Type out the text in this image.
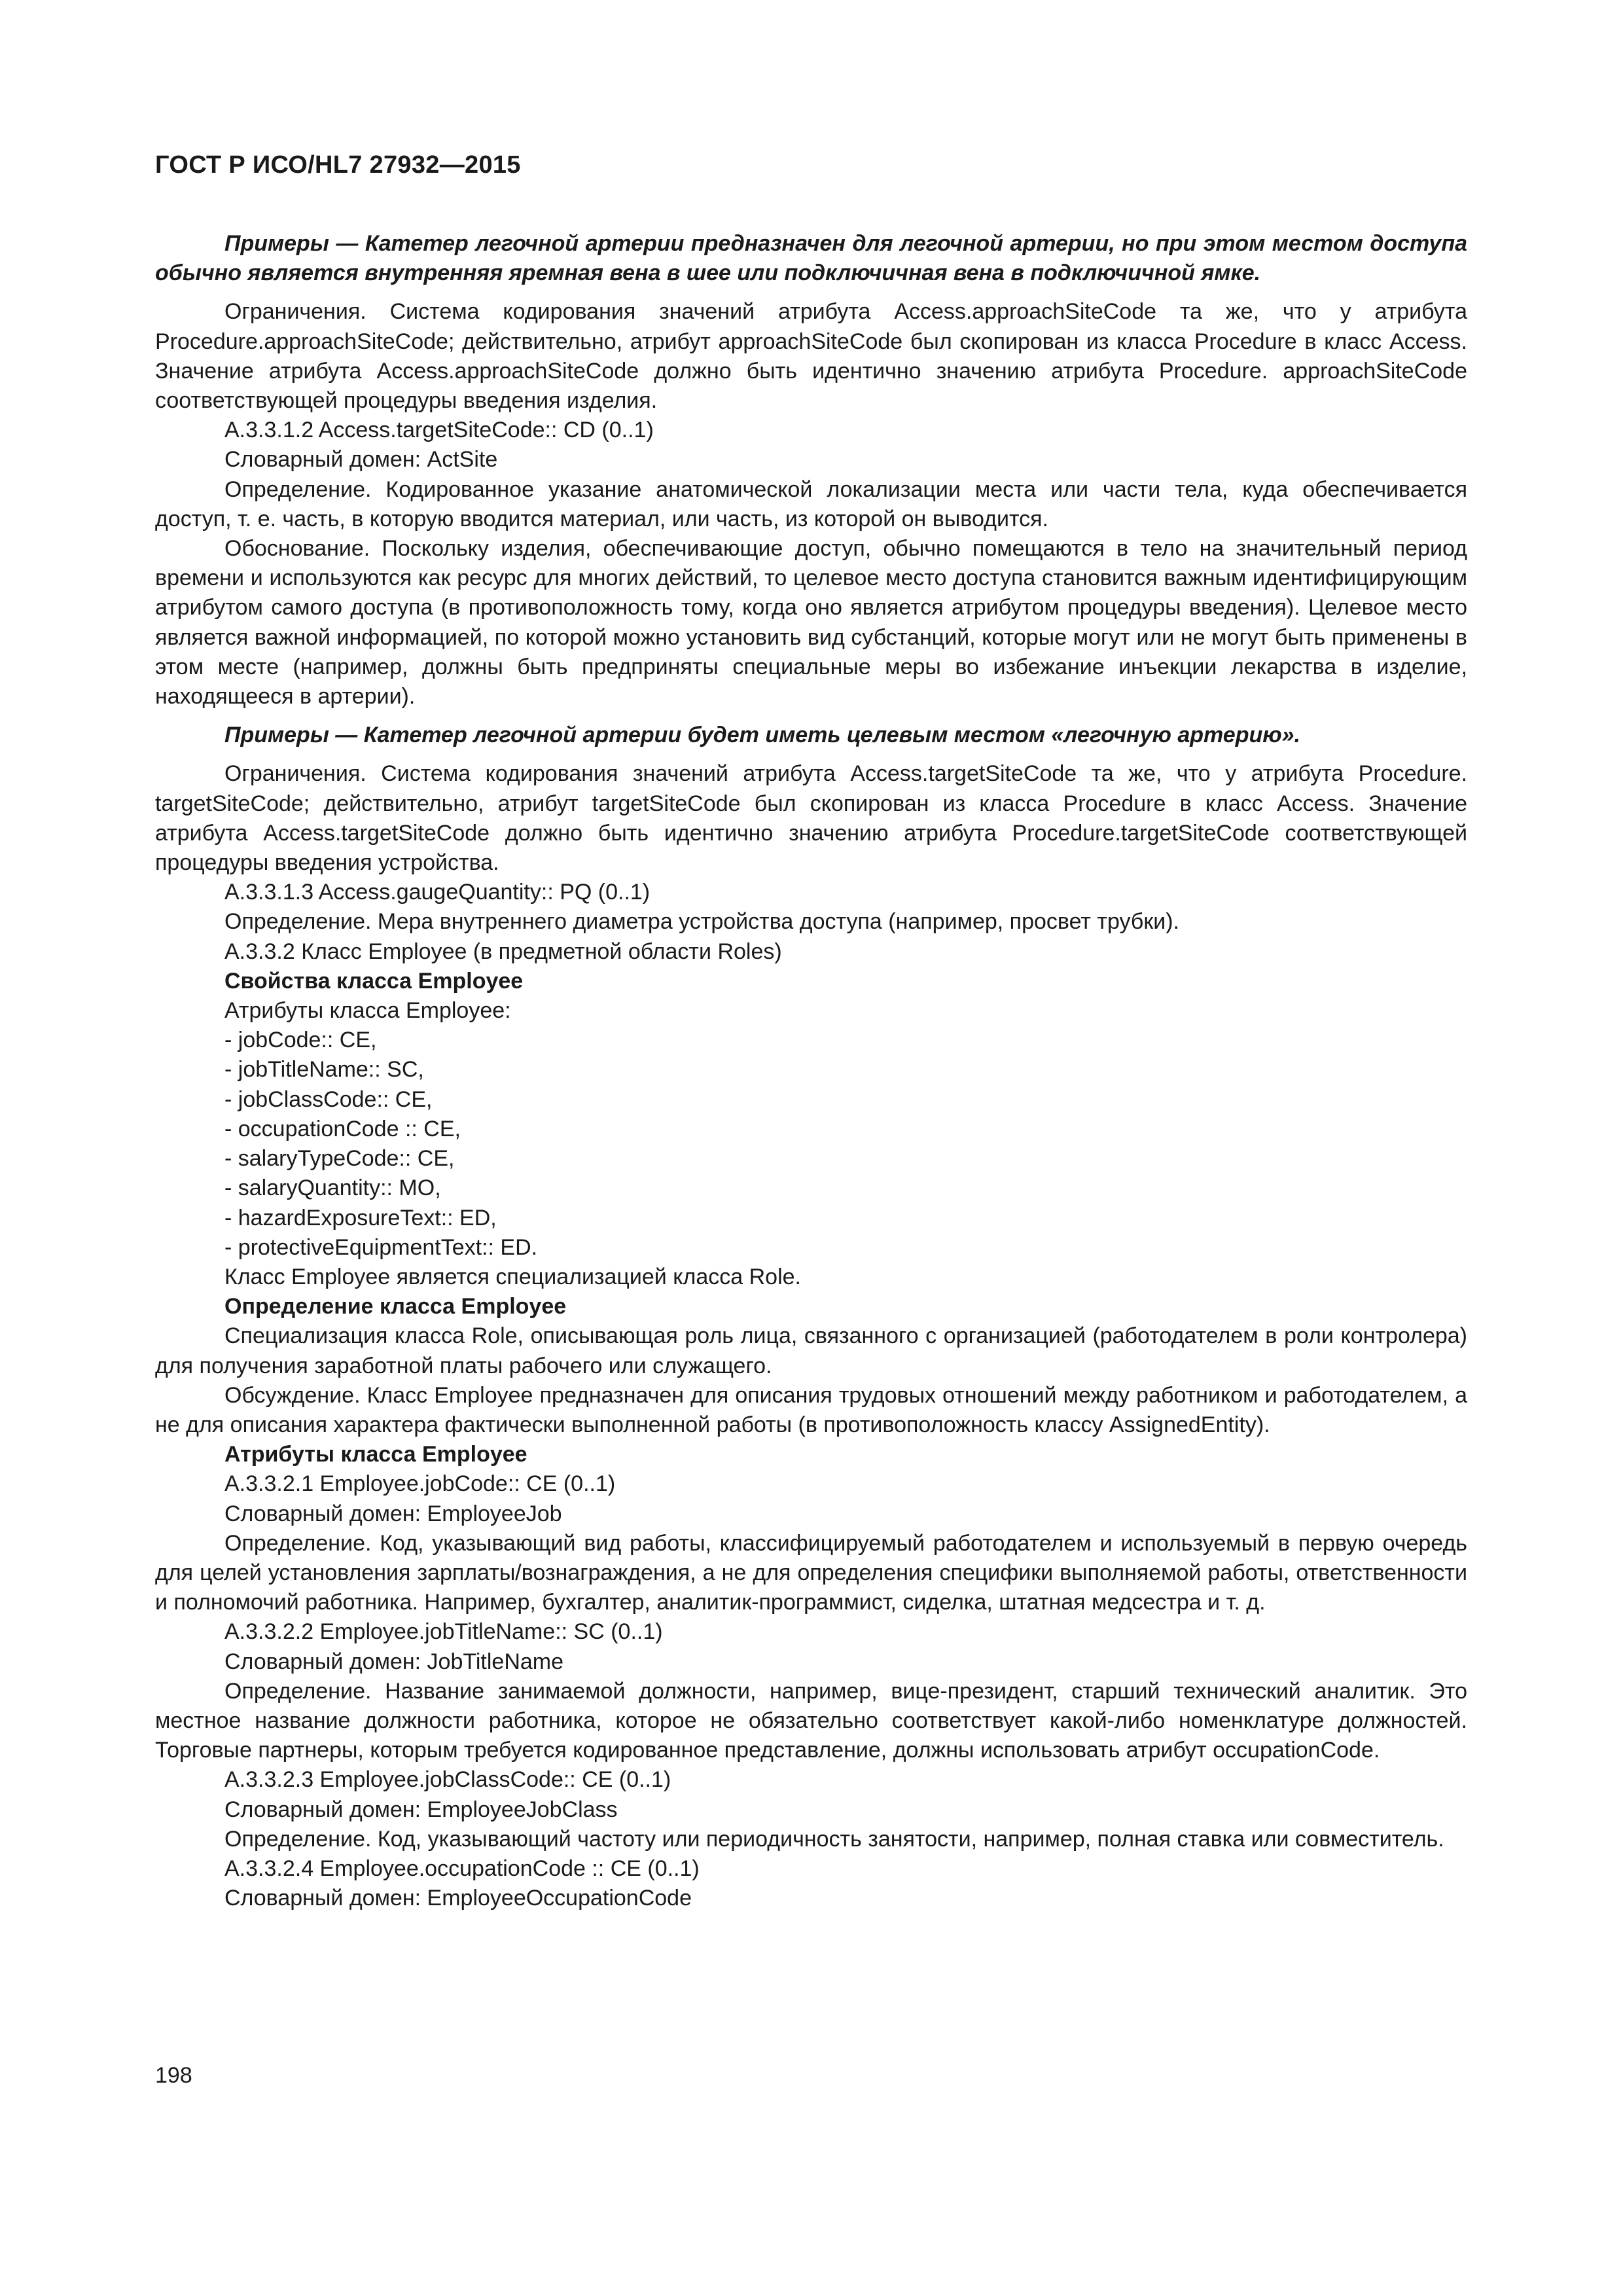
ГОСТ Р ИСО/HL7 27932—2015

Примеры — Катетер легочной артерии предназначен для легочной артерии, но при этом местом доступа обычно является внутренняя яремная вена в шее или подключичная вена в подключичной ямке.

Ограничения. Система кодирования значений атрибута Access.approachSiteCode та же, что у атрибута Procedure.approachSiteCode; действительно, атрибут approachSiteCode был скопирован из класса Procedure в класс Access. Значение атрибута Access.approachSiteCode должно быть идентично значению атрибута Procedure. approachSiteCode соответствующей процедуры введения изделия.

A.3.3.1.2 Access.targetSiteCode:: CD (0..1)

Словарный домен: ActSite

Определение. Кодированное указание анатомической локализации места или части тела, куда обеспечивается доступ, т. е. часть, в которую вводится материал, или часть, из которой он выводится.

Обоснование. Поскольку изделия, обеспечивающие доступ, обычно помещаются в тело на значительный период времени и используются как ресурс для многих действий, то целевое место доступа становится важным идентифицирующим атрибутом самого доступа (в противоположность тому, когда оно является атрибутом процедуры введения). Целевое место является важной информацией, по которой можно установить вид субстанций, которые могут или не могут быть применены в этом месте (например, должны быть предприняты специальные меры во избежание инъекции лекарства в изделие, находящееся в артерии).

Примеры — Катетер легочной артерии будет иметь целевым местом «легочную артерию».

Ограничения. Система кодирования значений атрибута Access.targetSiteCode та же, что у атрибута Procedure. targetSiteCode; действительно, атрибут targetSiteCode был скопирован из класса Procedure в класс Access. Значение атрибута Access.targetSiteCode должно быть идентично значению атрибута Procedure.targetSiteCode соответствующей процедуры введения устройства.

A.3.3.1.3 Access.gaugeQuantity:: PQ (0..1)

Определение. Мера внутреннего диаметра устройства доступа (например, просвет трубки).

A.3.3.2 Класс Employee (в предметной области Roles)

Свойства класса Employee

Атрибуты класса Employee:

- jobCode:: CE,

- jobTitleName:: SC,

- jobClassCode:: CE,

- occupationCode :: CE,

- salaryTypeCode:: CE,

- salaryQuantity:: MO,

- hazardExposureText:: ED,

- protectiveEquipmentText:: ED.

Класс Employee является специализацией класса Role.

Определение класса Employee

Специализация класса Role, описывающая роль лица, связанного с организацией (работодателем в роли контролера) для получения заработной платы рабочего или служащего.

Обсуждение. Класс Employee предназначен для описания трудовых отношений между работником и работодателем, а не для описания характера фактически выполненной работы (в противоположность классу AssignedEntity).

Атрибуты класса Employee

A.3.3.2.1 Employee.jobCode:: CE (0..1)

Словарный домен: EmployeeJob

Определение. Код, указывающий вид работы, классифицируемый работодателем и используемый в первую очередь для целей установления зарплаты/вознаграждения, а не для определения специфики выполняемой работы, ответственности и полномочий работника. Например, бухгалтер, аналитик-программист, сиделка, штатная медсестра и т. д.

A.3.3.2.2 Employee.jobTitleName:: SC (0..1)

Словарный домен: JobTitleName

Определение. Название занимаемой должности, например, вице-президент, старший технический аналитик. Это местное название должности работника, которое не обязательно соответствует какой-либо номенклатуре должностей. Торговые партнеры, которым требуется кодированное представление, должны использовать атрибут occupationCode.

A.3.3.2.3 Employee.jobClassCode:: CE (0..1)

Словарный домен: EmployeeJobClass

Определение. Код, указывающий частоту или периодичность занятости, например, полная ставка или совместитель.

A.3.3.2.4 Employee.occupationCode :: CE (0..1)

Словарный домен: EmployeeOccupationCode

198
